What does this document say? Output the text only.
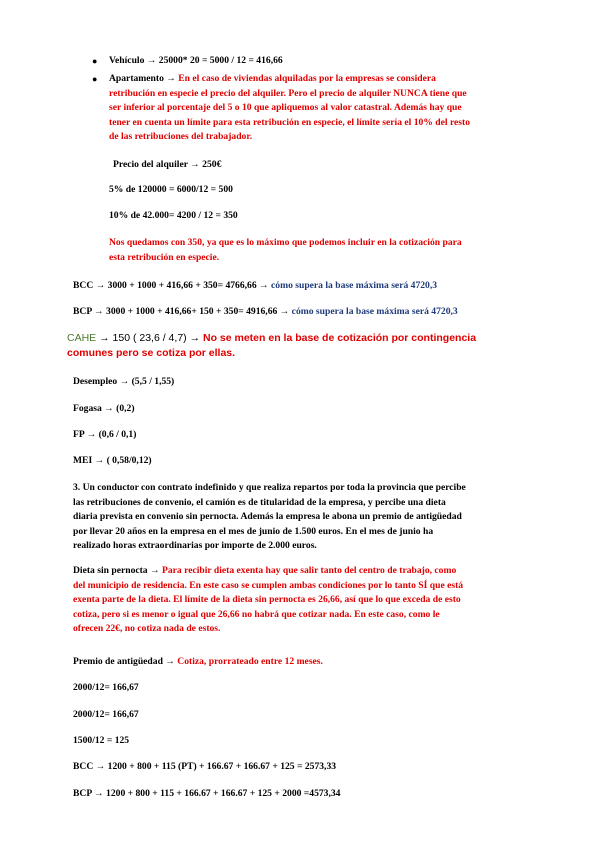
● Vehículo → 25000* 20 = 5000 / 12 = 416,66

● Apartamento → En el caso de viviendas alquiladas por la empresas se considera
retribución en especie el precio del alquiler. Pero el precio de alquiler NUNCA tiene que
ser inferior al porcentaje del 5 o 10 que apliquemos al valor catastral. Además hay que
tener en cuenta un límite para esta retribución en especie, el límite sería el 10% del resto
de las retribuciones del trabajador.

Precio del alquiler → 250€

5% de 120000 = 6000/12 = 500

10% de 42.000= 4200 / 12 = 350

Nos quedamos con 350, ya que es lo máximo que podemos incluir en la cotización para
esta retribución en especie.

BCC → 3000 + 1000 + 416,66 + 350= 4766,66 → cómo supera la base máxima será 4720,3

BCP → 3000 + 1000 + 416,66+ 150 + 350= 4916,66 → cómo supera la base máxima será 4720,3

CAHE → 150 ( 23,6 / 4,7) → No se meten en la base de cotización por contingencia
comunes pero se cotiza por ellas.

Desempleo → (5,5 / 1,55)

Fogasa → (0,2)

FP → (0,6 / 0,1)

MEI → ( 0,58/0,12)

3. Un conductor con contrato indefinido y que realiza repartos por toda la provincia que percibe
las retribuciones de convenio, el camión es de titularidad de la empresa, y percibe una dieta
diaria prevista en convenio sin pernocta. Además la empresa le abona un premio de antigüedad
por llevar 20 años en la empresa en el mes de junio de 1.500 euros. En el mes de junio ha
realizado horas extraordinarias por importe de 2.000 euros.
Dieta sin pernocta → Para recibir dieta exenta hay que salir tanto del centro de trabajo, como
del municipio de residencia. En este caso se cumplen ambas condiciones por lo tanto SÍ que está
exenta parte de la dieta. El límite de la dieta sin pernocta es 26,66, así que lo que exceda de esto
cotiza, pero si es menor o igual que 26,66 no habrá que cotizar nada. En este caso, como le
ofrecen 22€, no cotiza nada de estos.

Premio de antigüedad → Cotiza, prorrateado entre 12 meses.

2000/12= 166,67

2000/12= 166,67

1500/12 = 125

BCC → 1200 + 800 + 115 (PT) + 166.67 + 166.67 + 125 = 2573,33

BCP → 1200 + 800 + 115 + 166.67 + 166.67 + 125 + 2000 =4573,34
